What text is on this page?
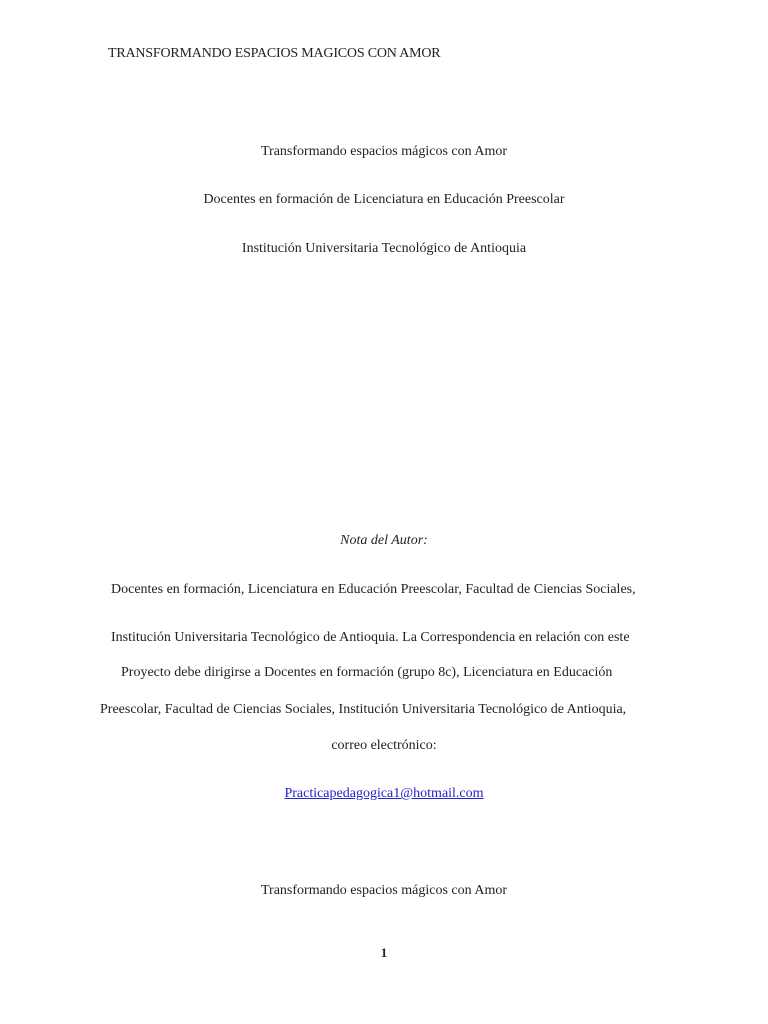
TRANSFORMANDO ESPACIOS MAGICOS CON AMOR
Transformando espacios mágicos con Amor
Docentes en formación de Licenciatura en Educación Preescolar
Institución Universitaria Tecnológico de Antioquia
Nota del Autor:
Docentes en formación, Licenciatura en Educación Preescolar, Facultad de Ciencias Sociales,
Institución Universitaria Tecnológico de Antioquia. La Correspondencia en relación con este
Proyecto debe dirigirse a Docentes en formación (grupo 8c), Licenciatura en Educación
Preescolar, Facultad de Ciencias Sociales, Institución Universitaria Tecnológico de Antioquia,
correo electrónico:
Practicapedagogica1@hotmail.com
Transformando espacios mágicos con Amor
1
